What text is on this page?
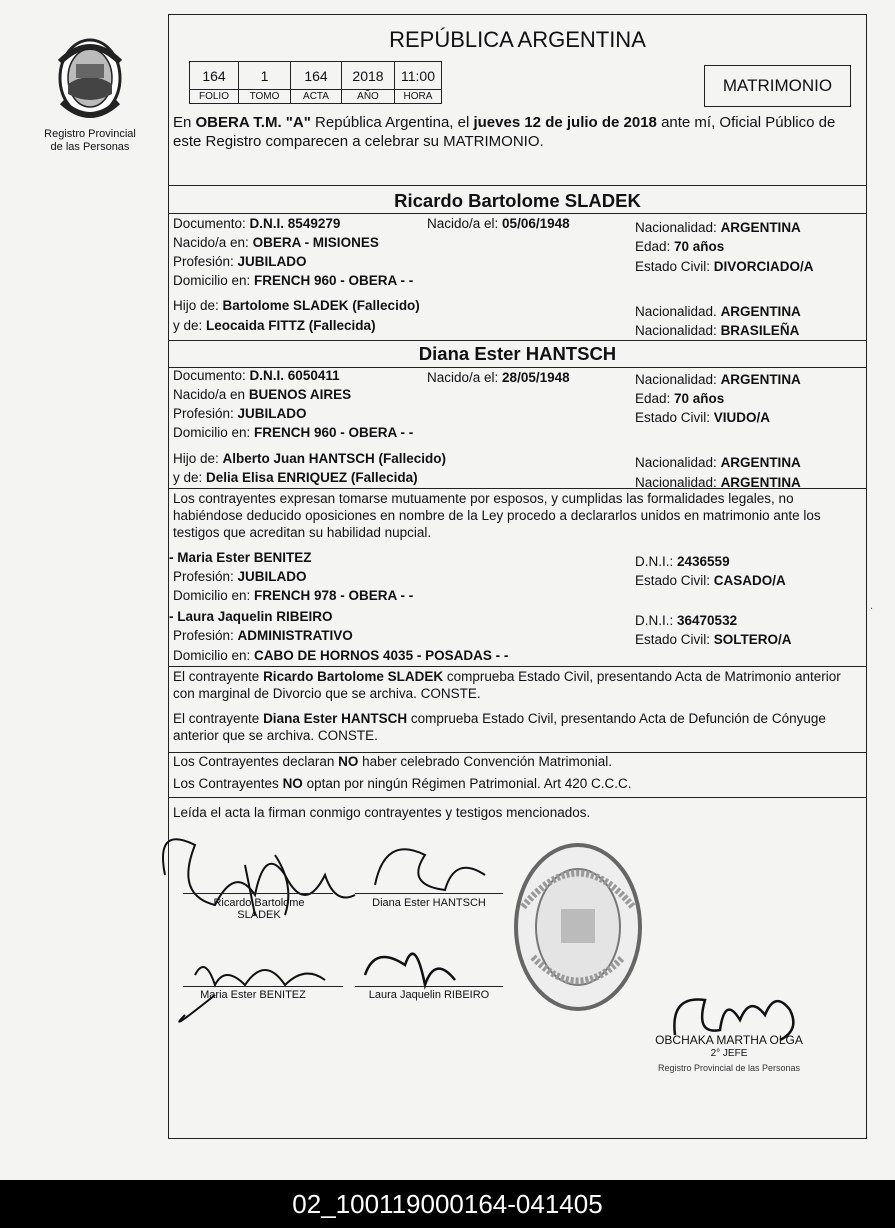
Registro Provincial
de las Personas
REPÚBLICA ARGENTINA
164	1	164	2018	11:00
FOLIO	TOMO	ACTA	AÑO	HORA
MATRIMONIO
En OBERA T.M. "A" República Argentina, el jueves 12 de julio de 2018 ante mí, Oficial Público de este Registro comparecen a celebrar su MATRIMONIO.
Ricardo Bartolome SLADEK
Documento: D.N.I. 8549279	Nacido/a el: 05/06/1948	Nacionalidad: ARGENTINA
Nacido/a en: OBERA - MISIONES	Edad: 70 años
Profesión: JUBILADO	Estado Civil: DIVORCIADO/A
Domicilio en: FRENCH 960 - OBERA - -
Hijo de: Bartolome SLADEK (Fallecido)	Nacionalidad. ARGENTINA
y de: Leocaida FITTZ (Fallecida)	Nacionalidad: BRASILEÑA
Diana Ester HANTSCH
Documento: D.N.I. 6050411	Nacido/a el: 28/05/1948	Nacionalidad: ARGENTINA
Nacido/a en BUENOS AIRES	Edad: 70 años
Profesión: JUBILADO	Estado Civil: VIUDO/A
Domicilio en: FRENCH 960 - OBERA - -
Hijo de: Alberto Juan HANTSCH (Fallecido)	Nacionalidad: ARGENTINA
y de: Delia Elisa ENRIQUEZ (Fallecida)	Nacionalidad: ARGENTINA
Los contrayentes expresan tomarse mutuamente por esposos, y cumplidas las formalidades legales, no habiéndose deducido oposiciones en nombre de la Ley procedo a declararlos unidos en matrimonio ante los testigos que acreditan su habilidad nupcial.
- Maria Ester BENITEZ	D.N.I.: 2436559
Profesión: JUBILADO	Estado Civil: CASADO/A
Domicilio en: FRENCH 978 - OBERA - -
- Laura Jaquelin RIBEIRO	D.N.I.: 36470532
Profesión: ADMINISTRATIVO	Estado Civil: SOLTERO/A
Domicilio en: CABO DE HORNOS 4035 - POSADAS - -
El contrayente Ricardo Bartolome SLADEK comprueba Estado Civil, presentando Acta de Matrimonio anterior con marginal de Divorcio que se archiva. CONSTE.
El contrayente Diana Ester HANTSCH comprueba Estado Civil, presentando Acta de Defunción de Cónyuge anterior que se archiva. CONSTE.
Los Contrayentes declaran NO haber celebrado Convención Matrimonial.
Los Contrayentes NO optan por ningún Régimen Patrimonial. Art 420 C.C.C.
Leída el acta la firman conmigo contrayentes y testigos mencionados.
Ricardo Bartolome
SLADEK
Diana Ester HANTSCH
Maria Ester BENITEZ	Laura Jaquelin RIBEIRO
OBCHAKA MARTHA OLGA
2° JEFE
Registro Provincial de las Personas
.
02_100119000164-041405
